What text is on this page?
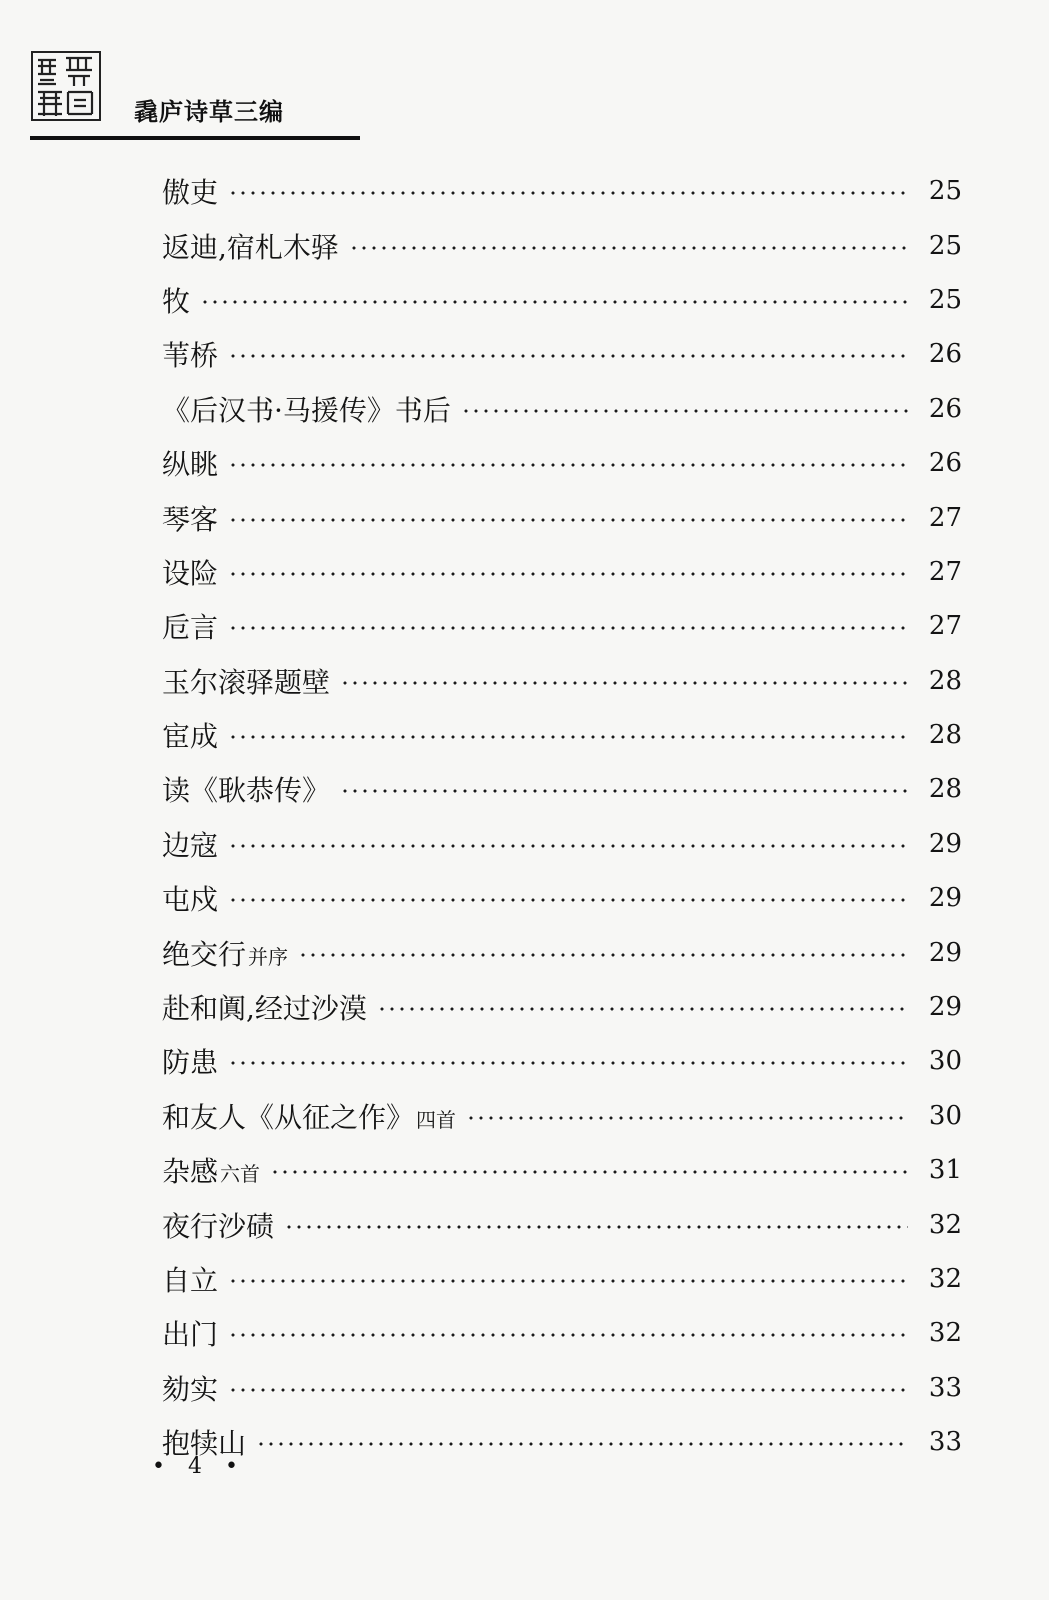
毳庐诗草三编
傲吏	25
返迪,宿札木驿	25
牧	25
苇桥	26
《后汉书·马援传》书后	26
纵眺	26
琴客	27
设险	27
卮言	27
玉尔滚驿题壁	28
宦成	28
读《耿恭传》	28
边寇	29
屯戍	29
绝交行 并序	29
赴和阗,经过沙漠	29
防患	30
和友人《从征之作》 四首	30
杂感 六首	31
夜行沙碛	32
自立	32
出门	32
劾实	33
抱犊山	33
• 4 •
